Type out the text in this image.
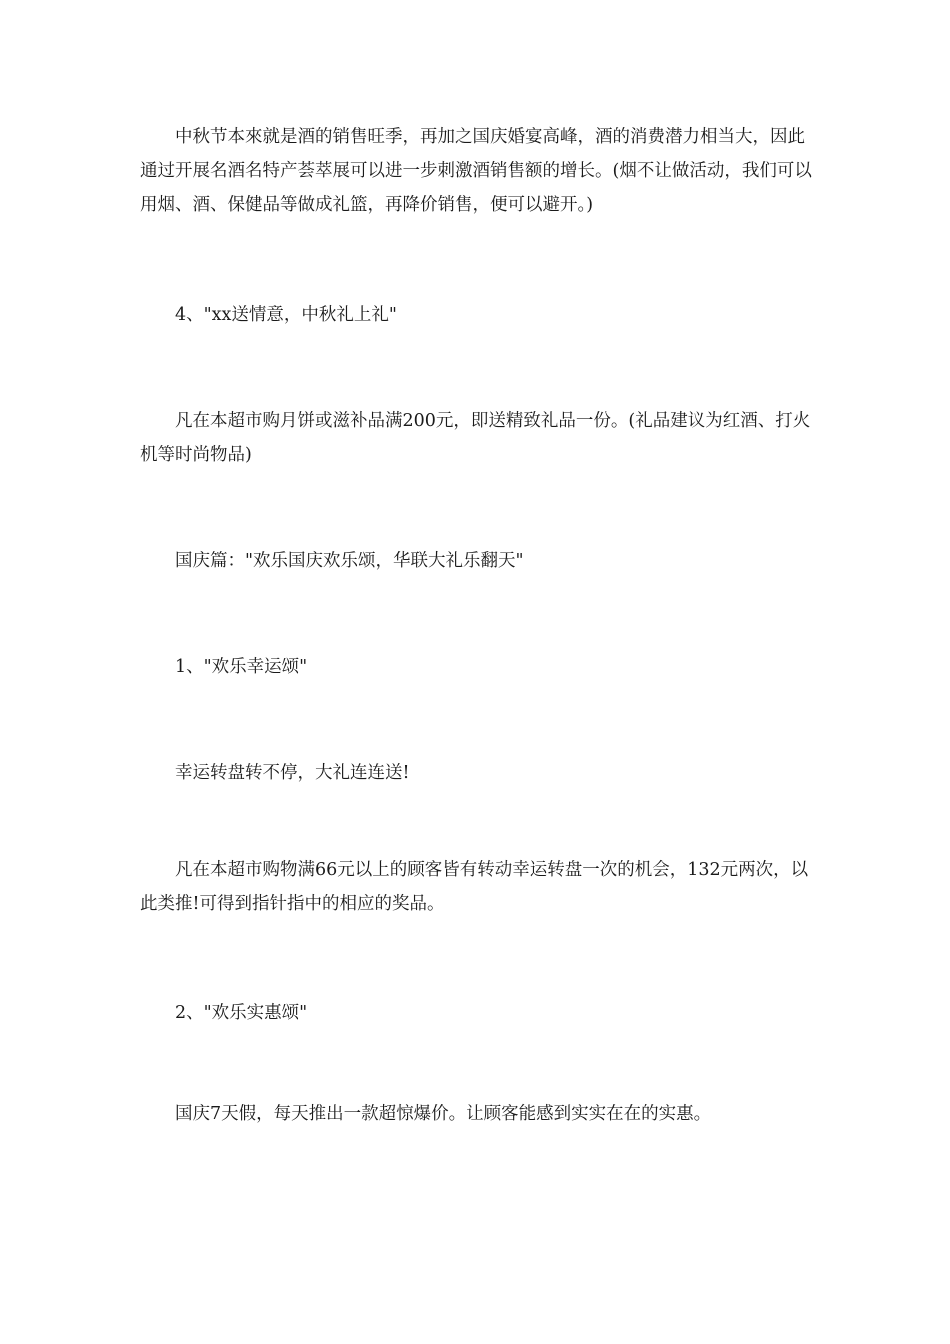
中秋节本來就是酒的销售旺季，再加之国庆婚宴高峰，酒的消费潜力相当大，因此通过开展名酒名特产荟萃展可以进一步刺激酒销售额的增长。(烟不让做活动，我们可以用烟、酒、保健品等做成礼篮，再降价销售，便可以避开。)

4、"xx送情意，中秋礼上礼"

凡在本超市购月饼或滋补品满200元，即送精致礼品一份。(礼品建议为红酒、打火机等时尚物品)

国庆篇："欢乐国庆欢乐颂，华联大礼乐翻天"

1、"欢乐幸运颂"

幸运转盘转不停，大礼连连送!

凡在本超市购物满66元以上的顾客皆有转动幸运转盘一次的机会，132元两次，以此类推!可得到指针指中的相应的奖品。

2、"欢乐实惠颂"

国庆7天假，每天推出一款超惊爆价。让顾客能感到实实在在的实惠。
